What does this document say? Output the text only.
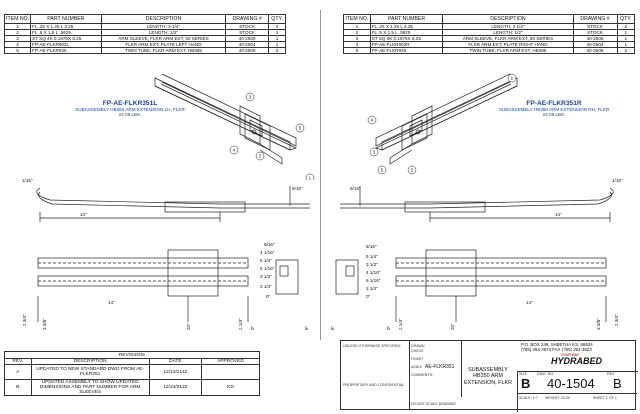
ITEM NO.	PART NUMBER	DESCRIPTION	DRAWING #	QTY.
1	FL .25 X 1.25 L 3.25	LENGTH: 3-1/4"	STOCK	2
2	FL .5 X 1.5 L .5625	LENGTH: 1/2"	STOCK	1
3	ST SQ 4K 0.1875X 8.25	ARM SLEEVE, FLKR ARM EXT, 50 SERIES	40-2505	1
4	FP-AE-FLKR902L	FLKR ARM EXT, PLATE LEFT HAND	40-2504	1
5	FP-AE-FLKR935	TWIN TUBE, FLKR ARM EXT, HB385	40-2506	2
ITEM NO.	PART NUMBER	DESCRIPTION	DRAWING #	QTY.
1	FL .25 X 1.25 L 3.25	LENGTH: 3 1/4"	STOCK	2
2	FL .5 X 1.5 L .5625	LENGTH: 1/2"	STOCK	1
3	ST SQ 4K 0.1875X 8.25	ARM SLEEVE, FLKR ARM EXT, 50 SERIES	40-2505	1
4	FP-AE-FLKR902R	FLKR ARM EXT, PLATE RIGHT HAND	40-2504	1
5	FP-AE-FLKR935	TWIN TUBE, FLKR ARM EXT, HB385	40-2506	2
FP-AE-FLKR351L
SUBASSEMBLY HB350 ARM EXTENSION LH, FLKR
23.09 LBS.
FP-AE-FLKR351R
SUBASSEMBLY HB350 ARM EXTENSION RH, FLKR
23.09 LBS.
3
5
4
2
1
1
4
3
5	2
1/16"
14"
9/16"
1/16"
14"
9/16"
2 3/4"
14"
3 5/8"	20"	2 1/4" 0"	6"
9/16"
4 1/16"
5 1/4"
6 1/16"
3 1/2"
2 1/4"
0"
5/16"
5 1/4"
3 1/2"
4 1/16"
6 1/16"
2 1/4"
0"
6"	0" 2 1/4"	20"
14"
3 5/8"	2 3/4"
REVISIONS			
REV.	DESCRIPTION	DATE	APPROVED
A	UPDATED TO NEW STANDARD DWG FROM AE-FLKR351	12/12/2112	
B	UPDATED ASSEMBLY TO SHOW UPDATED DIMENSIONS AND PART NUMBER FOR ARM SLEEVES	12/23/2122	KD
UNLESS OTHERWISE SPECIFIED:
PROPRIETARY AND CONFIDENTIAL
DO NOT SCALE DRAWING
DRAWN
CHECK
FINISH
ASM # AE-FLKR351
COMMENTS:
P.O. BOX 248, SABETHA KS, 66534
(785) 284-3674 FAX (785) 284-3623
YOUR WAY
HYDRABED
SUBASSEMBLY
HB350 ARM
EXTENSION, FLKR
SIZE
B
DWG. NO.
40-1504
REV
B
SCALE: 1:7 WEIGHT: 23.09	SHEET 1 OF 1
